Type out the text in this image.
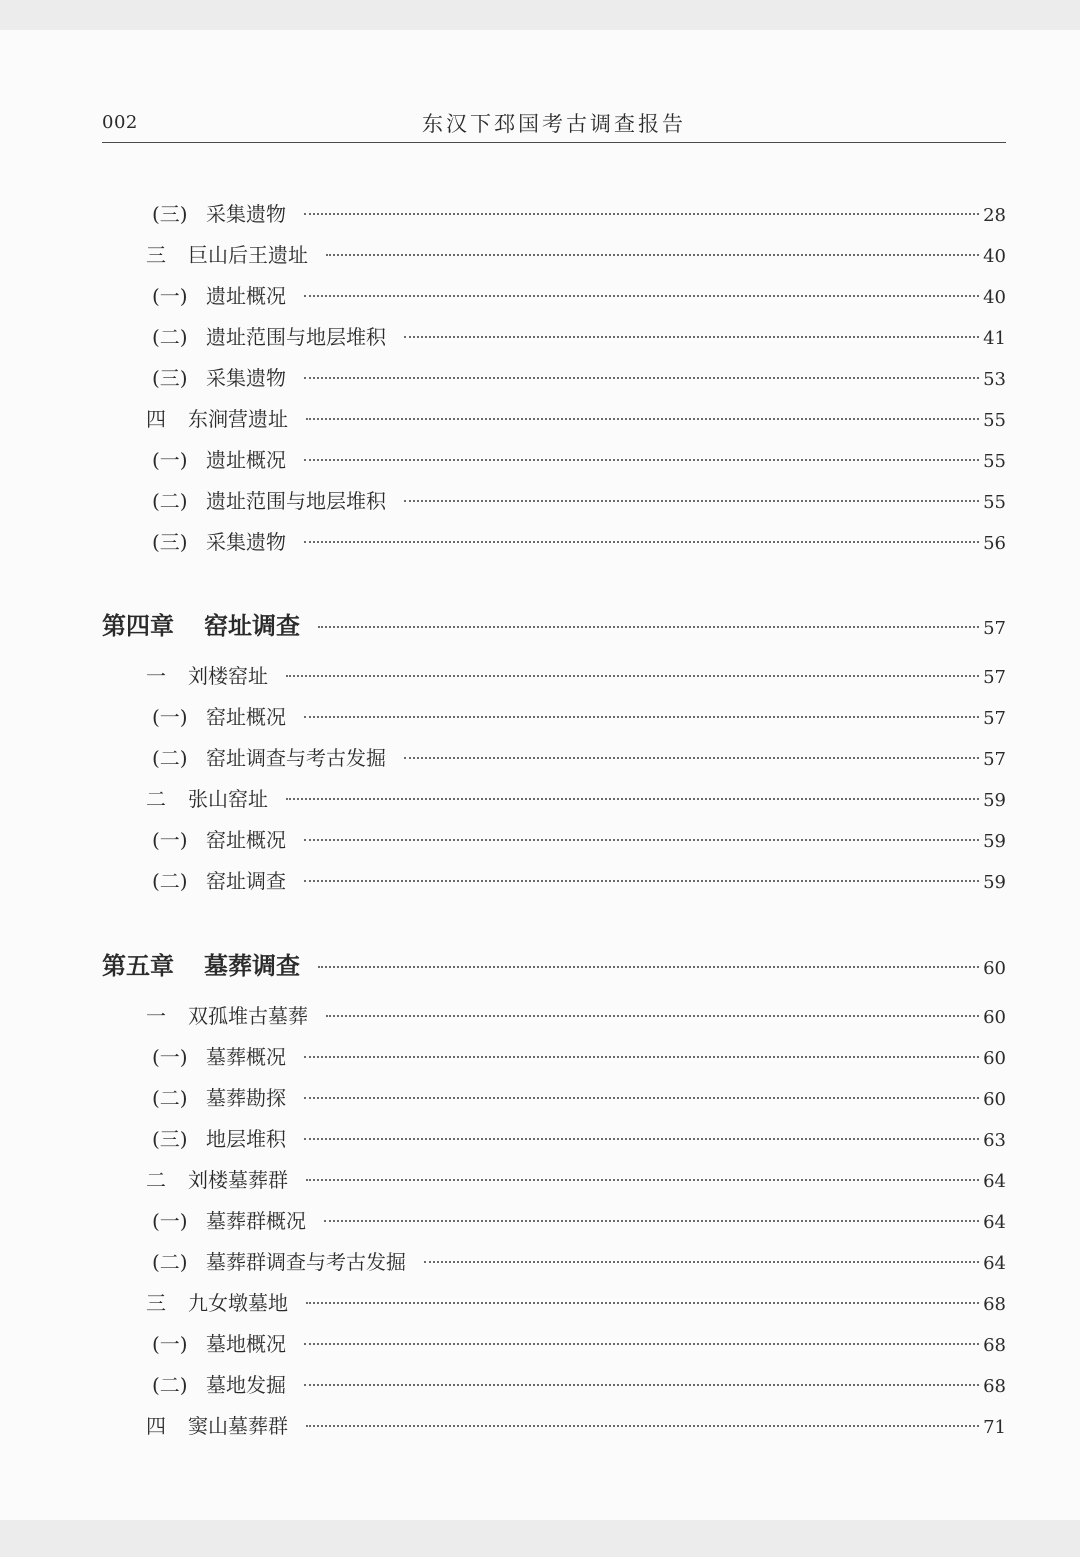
002	东汉下邳国考古调查报告
(三) 采集遗物	28
三	巨山后王遗址	40
(一) 遗址概况	40
(二) 遗址范围与地层堆积	41
(三) 采集遗物	53
四	东涧营遗址	55
(一) 遗址概况	55
(二) 遗址范围与地层堆积	55
(三) 采集遗物	56
第四章	窑址调查	57
一	刘楼窑址	57
(一) 窑址概况	57
(二) 窑址调查与考古发掘	57
二	张山窑址	59
(一) 窑址概况	59
(二) 窑址调查	59
第五章	墓葬调查	60
一	双孤堆古墓葬	60
(一) 墓葬概况	60
(二) 墓葬勘探	60
(三) 地层堆积	63
二	刘楼墓葬群	64
(一) 墓葬群概况	64
(二) 墓葬群调查与考古发掘	64
三	九女墩墓地	68
(一) 墓地概况	68
(二) 墓地发掘	68
四	窦山墓葬群	71
